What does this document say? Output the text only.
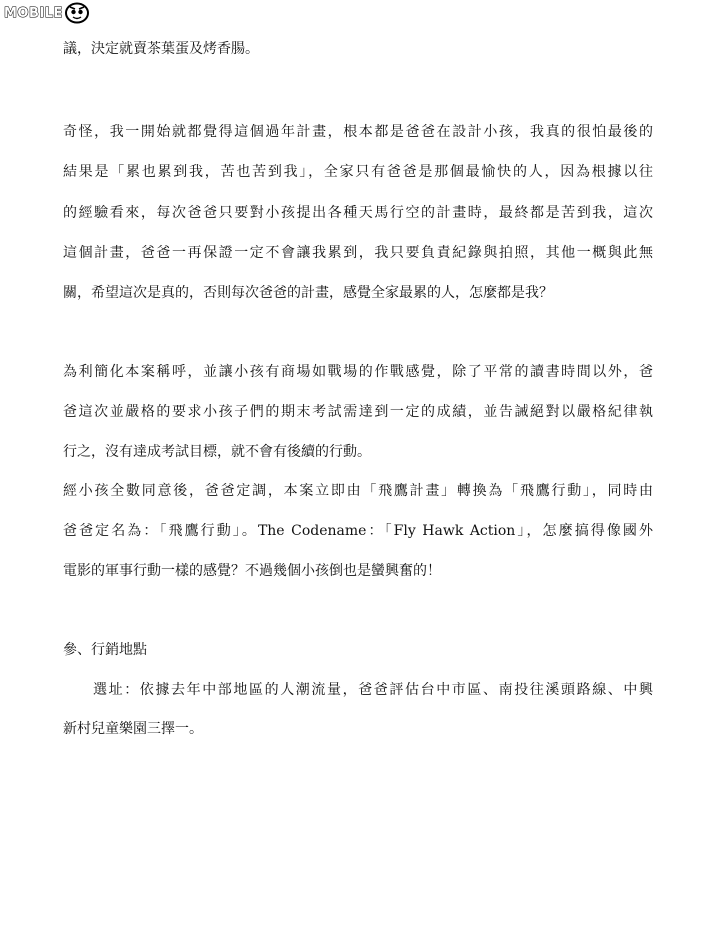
MOBILE
議，決定就賣茶葉蛋及烤香腸。
奇怪，我一開始就都覺得這個過年計畫，根本都是爸爸在設計小孩，我真的很怕最後的
結果是「累也累到我，苦也苦到我」，全家只有爸爸是那個最愉快的人，因為根據以往
的經驗看來，每次爸爸只要對小孩提出各種天馬行空的計畫時，最終都是苦到我，這次
這個計畫，爸爸一再保證一定不會讓我累到，我只要負責紀錄與拍照，其他一概與此無
關，希望這次是真的，否則每次爸爸的計畫，感覺全家最累的人，怎麼都是我？
為利簡化本案稱呼，並讓小孩有商場如戰場的作戰感覺，除了平常的讀書時間以外，爸
爸這次並嚴格的要求小孩子們的期末考試需達到一定的成績，並告誡絕對以嚴格紀律執
行之，沒有達成考試目標，就不會有後續的行動。
經小孩全數同意後，爸爸定調，本案立即由「飛鷹計畫」轉換為「飛鷹行動」，同時由
爸爸定名為：「飛鷹行動」。The Codename：「Fly Hawk Action」，怎麼搞得像國外
電影的軍事行動一樣的感覺？不過幾個小孩倒也是蠻興奮的！
參、行銷地點
選址：依據去年中部地區的人潮流量，爸爸評估台中市區、南投往溪頭路線、中興
新村兒童樂園三擇一。
